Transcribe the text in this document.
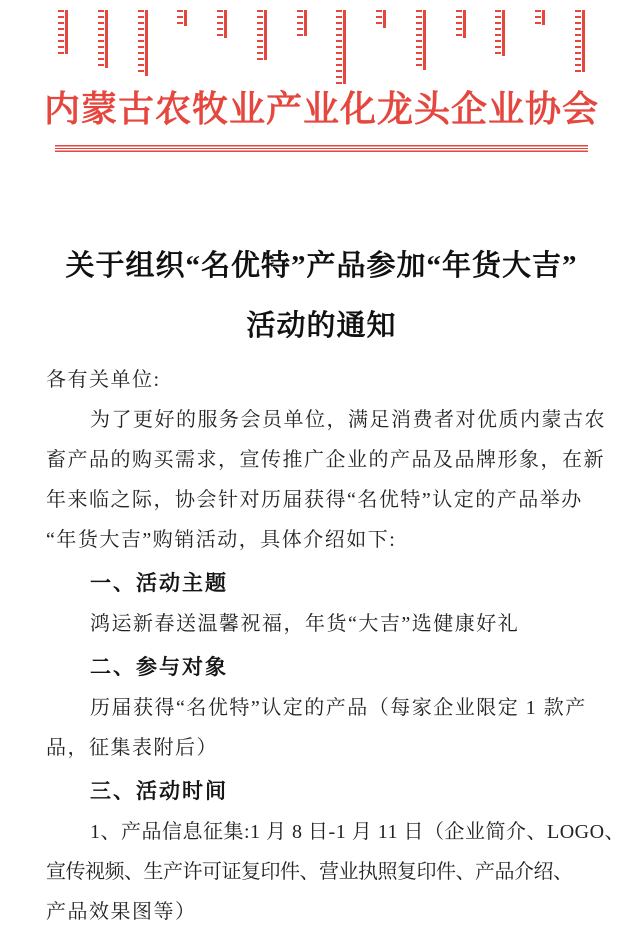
内蒙古农牧业产业化龙头企业协会
关于组织“名优特”产品参加“年货大吉”
活动的通知
各有关单位:
为了更好的服务会员单位，满足消费者对优质内蒙古农
畜产品的购买需求，宣传推广企业的产品及品牌形象，在新
年来临之际，协会针对历届获得“名优特”认定的产品举办
“年货大吉”购销活动，具体介绍如下:
一、活动主题
鸿运新春送温馨祝福，年货“大吉”选健康好礼
二、参与对象
历届获得“名优特”认定的产品（每家企业限定 1 款产
品，征集表附后）
三、活动时间
1、产品信息征集:1 月 8 日-1 月 11 日（企业简介、LOGO、
宣传视频、生产许可证复印件、营业执照复印件、产品介绍、
产品效果图等）
